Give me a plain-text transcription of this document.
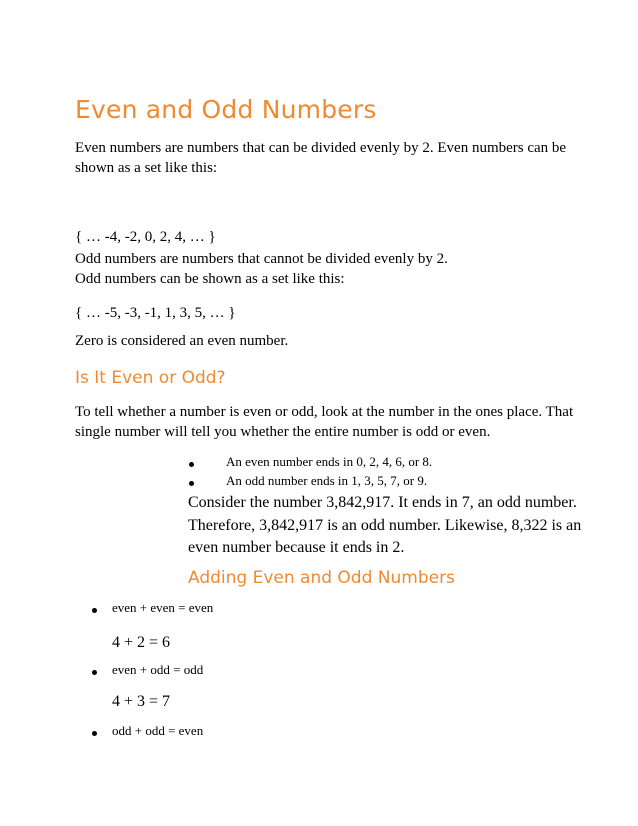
Even and Odd Numbers
Even numbers are numbers that can be divided evenly by 2. Even numbers can be
shown as a set like this:
{ … -4, -2, 0, 2, 4, … }
Odd numbers are numbers that cannot be divided evenly by 2.
Odd numbers can be shown as a set like this:
{ … -5, -3, -1, 1, 3, 5, … }
Zero is considered an even number.
Is It Even or Odd?
To tell whether a number is even or odd, look at the number in the ones place. That
single number will tell you whether the entire number is odd or even.
An even number ends in 0, 2, 4, 6, or 8.
An odd number ends in 1, 3, 5, 7, or 9.
Consider the number 3,842,917. It ends in 7, an odd number.
Therefore, 3,842,917 is an odd number. Likewise, 8,322 is an
even number because it ends in 2.
Adding Even and Odd Numbers
even + even = even
4 + 2 = 6
even + odd = odd
4 + 3 = 7
odd + odd = even
